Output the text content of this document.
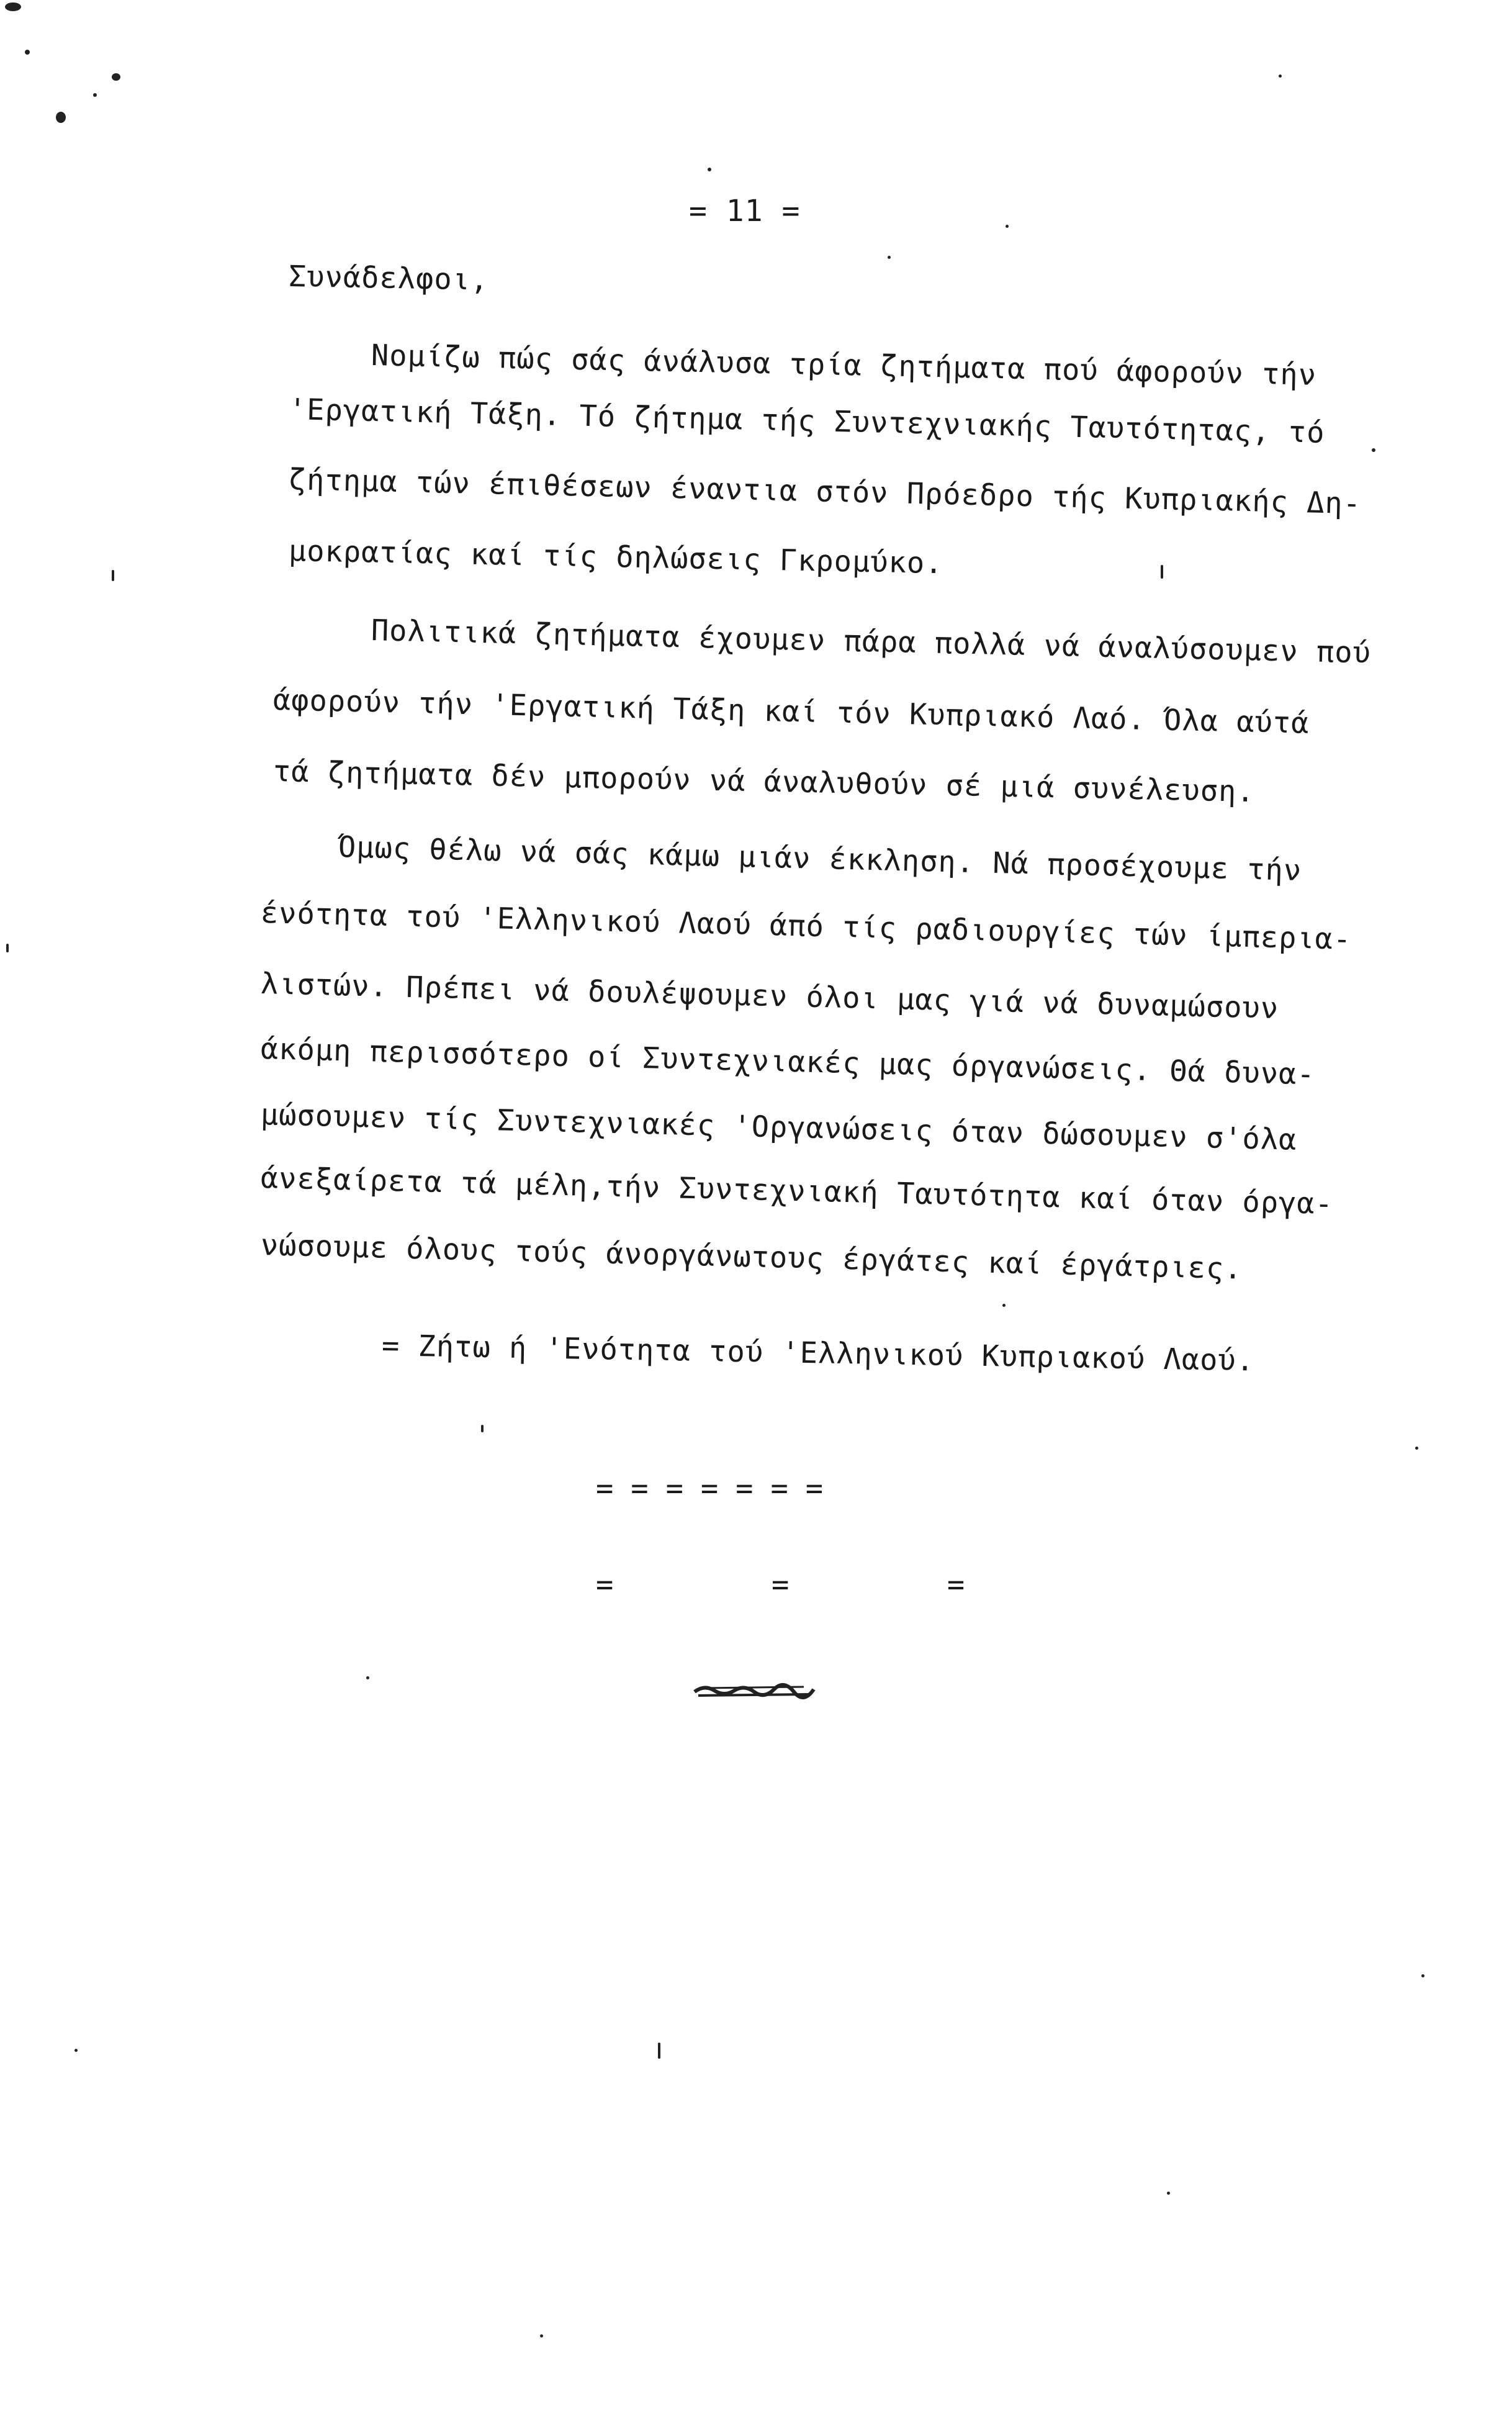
= 11 =
Συνάδελφοι,
Νομίζω πώς σάς άνάλυσα τρία ζητήματα πού άφορούν τήν
'Εργατική Τάξη. Τό ζήτημα τής Συντεχνιακής Ταυτότητας, τό
ζήτημα τών έπιθέσεων έναντια στόν Πρόεδρο τής Κυπριακής Δη-
μοκρατίας καί τίς δηλώσεις Γκρομύκο.
Πολιτικά ζητήματα έχουμεν πάρα πολλά νά άναλύσουμεν πού
άφορούν τήν 'Εργατική Τάξη καί τόν Κυπριακό Λαό. Όλα αύτά
τά ζητήματα δέν μπορούν νά άναλυθούν σέ μιά συνέλευση.
Όμως θέλω νά σάς κάμω μιάν έκκληση. Νά προσέχουμε τήν
ένότητα τού 'Ελληνικού Λαού άπό τίς ραδιουργίες τών ίμπερια-
λιστών. Πρέπει νά δουλέψουμεν όλοι μας γιά νά δυναμώσουν
άκόμη περισσότερο οί Συντεχνιακές μας όργανώσεις. Θά δυνα-
μώσουμεν τίς Συντεχνιακές 'Οργανώσεις όταν δώσουμεν σ'όλα
άνεξαίρετα τά μέλη,τήν Συντεχνιακή Ταυτότητα καί όταν όργα-
νώσουμε όλους τούς άνοργάνωτους έργάτες καί έργάτριες.
= Ζήτω ή 'Ενότητα τού 'Ελληνικού Κυπριακού Λαού.
=======
=         =         =
